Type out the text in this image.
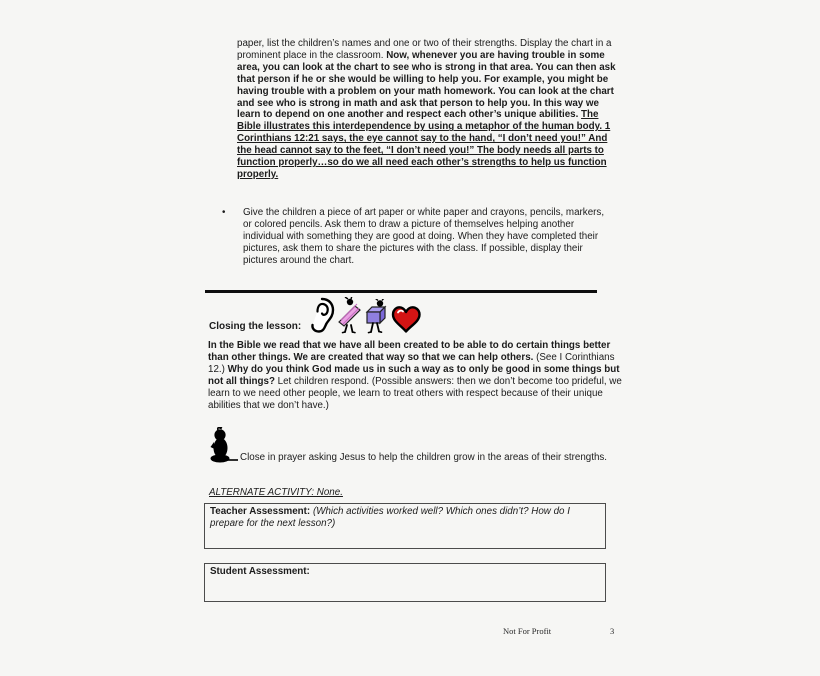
paper, list the children’s names and one or two of their strengths. Display the chart in a prominent place in the classroom. Now, whenever you are having trouble in some area, you can look at the chart to see who is strong in that area. You can then ask that person if he or she would be willing to help you. For example, you might be having trouble with a problem on your math homework. You can look at the chart and see who is strong in math and ask that person to help you. In this way we learn to depend on one another and respect each other’s unique abilities. The Bible illustrates this interdependence by using a metaphor of the human body. 1 Corinthians 12:21 says, the eye cannot say to the hand, “I don’t need you!” And the head cannot say to the feet, “I don’t need you!” The body needs all parts to function properly…so do we all need each other’s strengths to help us function properly.
•	Give the children a piece of art paper or white paper and crayons, pencils, markers, or colored pencils. Ask them to draw a picture of themselves helping another individual with something they are good at doing. When they have completed their pictures, ask them to share the pictures with the class. If possible, display their pictures around the chart.
Closing the lesson:
In the Bible we read that we have all been created to be able to do certain things better than other things. We are created that way so that we can help others. (See I Corinthians 12.) Why do you think God made us in such a way as to only be good in some things but not all things? Let children respond. (Possible answers: then we don’t become too prideful, we learn to we need other people, we learn to treat others with respect because of their unique abilities that we don’t have.)
Close in prayer asking Jesus to help the children grow in the areas of their strengths.
ALTERNATE ACTIVITY: None.
Teacher Assessment: (Which activities worked well? Which ones didn’t? How do I prepare for the next lesson?)
Student Assessment:
Not For Profit	3
